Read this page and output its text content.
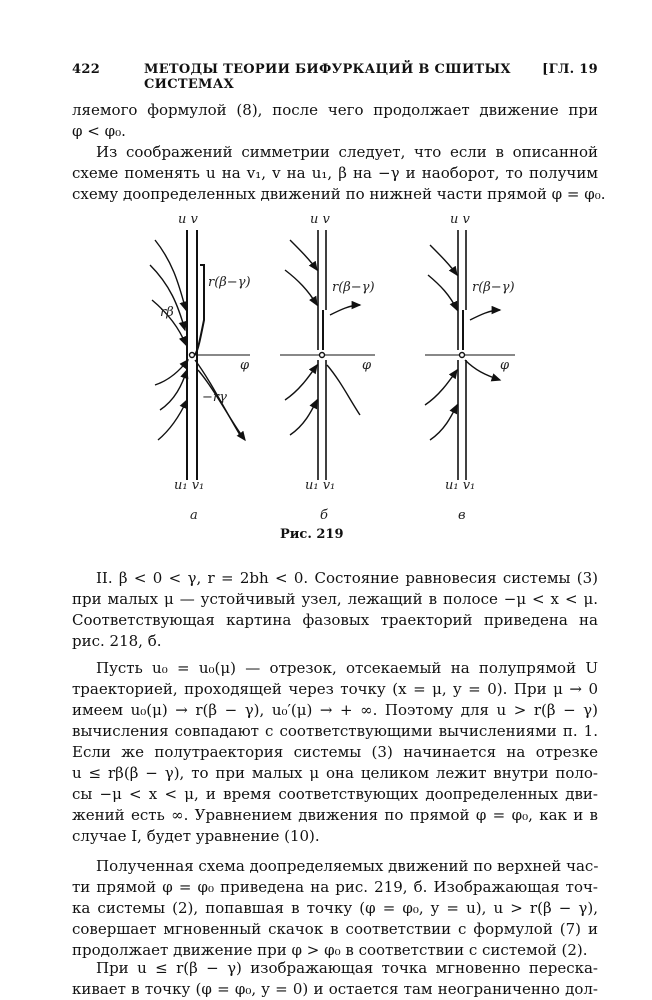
422	МЕТОДЫ ТЕОРИИ БИФУРКАЦИЙ В СШИТЫХ СИСТЕМАХ
[ГЛ. 19
ляемого формулой (8), после чего продолжает движение при
φ < φ₀.
Из соображений симметрии следует, что если в описанной
схеме поменять u на v₁, v на u₁, β на −γ и наоборот, то получим
схему доопределенных движений по нижней части прямой φ = φ₀.
u v
r(β−γ)
rβ
−rγ
φ
u₁ v₁
а
u v
r(β−γ)
φ
u₁ v₁
б
u v
r(β−γ)
φ
u₁ v₁
в
Рис. 219
II. β < 0 < γ, r = 2bh < 0. Состояние равновесия системы (3)
при малых μ — устойчивый узел, лежащий в полосе −μ < x < μ.
Соответствующая картина фазовых траекторий приведена на
рис. 218, б.
Пусть u₀ = u₀(μ) — отрезок, отсекаемый на полупрямой U
траекторией, проходящей через точку (x = μ, y = 0). При μ → 0
имеем u₀(μ) → r(β − γ), u₀′(μ) → + ∞. Поэтому для u > r(β − γ)
вычисления совпадают с соответствующими вычислениями п. 1.
Если же полутраектория системы (3) начинается на отрезке
u ≤ rβ(β − γ), то при малых μ она целиком лежит внутри поло-
сы −μ < x < μ, и время соответствующих доопределенных дви-
жений есть ∞. Уравнением движения по прямой φ = φ₀, как и в
случае I, будет уравнение (10).
Полученная схема доопределяемых движений по верхней час-
ти прямой φ = φ₀ приведена на рис. 219, б. Изображающая точ-
ка системы (2), попавшая в точку (φ = φ₀, y = u), u > r(β − γ),
совершает мгновенный скачок в соответствии с формулой (7) и
продолжает движение при φ > φ₀ в соответствии с системой (2).
При u ≤ r(β − γ) изображающая точка мгновенно перескa-
кивает в точку (φ = φ₀, y = 0) и остается там неограниченно дол-
